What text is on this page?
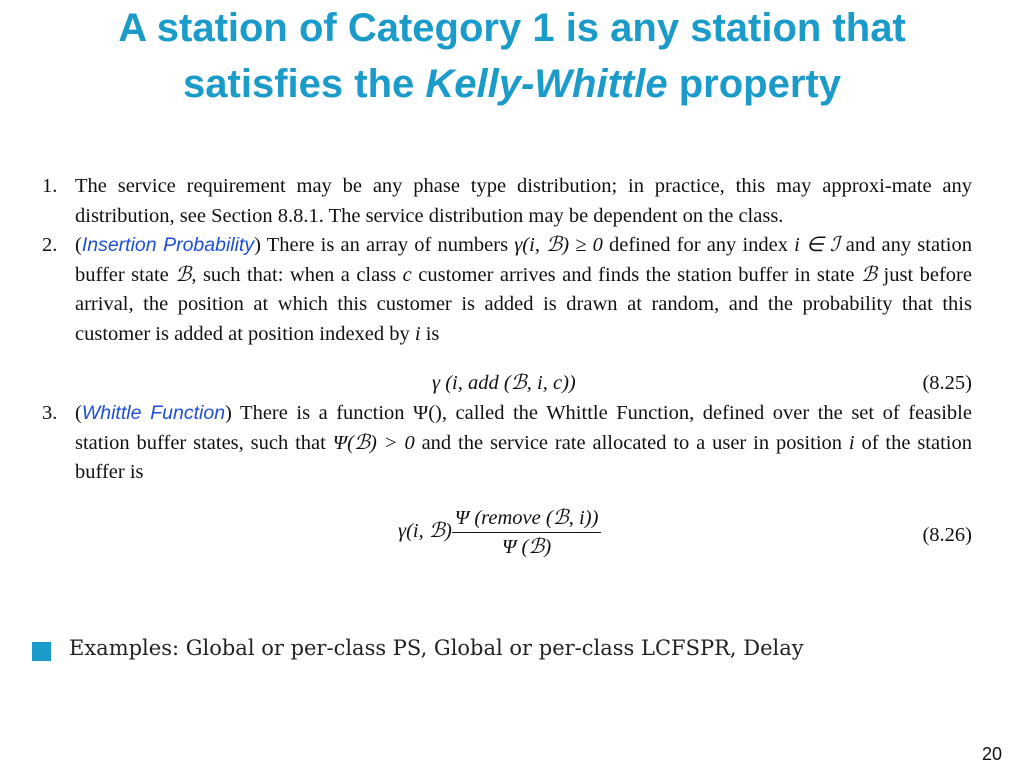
A station of Category 1 is any station that
satisfies the Kelly-Whittle property
1. The service requirement may be any phase type distribution; in practice, this may approxi-mate any distribution, see Section 8.8.1. The service distribution may be dependent on the class.
2. (Insertion Probability) There is an array of numbers γ(i, ℬ) ≥ 0 defined for any index i ∈ ℐ and any station buffer state ℬ, such that: when a class c customer arrives and finds the station buffer in state ℬ just before arrival, the position at which this customer is added is drawn at random, and the probability that this customer is added at position indexed by i is
γ (i, add (ℬ, i, c))	(8.25)
3. (Whittle Function) There is a function Ψ(), called the Whittle Function, defined over the set of feasible station buffer states, such that Ψ(ℬ) > 0 and the service rate allocated to a user in position i of the station buffer is
γ(i, ℬ) $\frac{\text{Ψ (remove (ℬ, i))}}{\text{Ψ (ℬ)}}$	(8.26)
Examples: Global or per-class PS, Global or per-class LCFSPR, Delay
20
